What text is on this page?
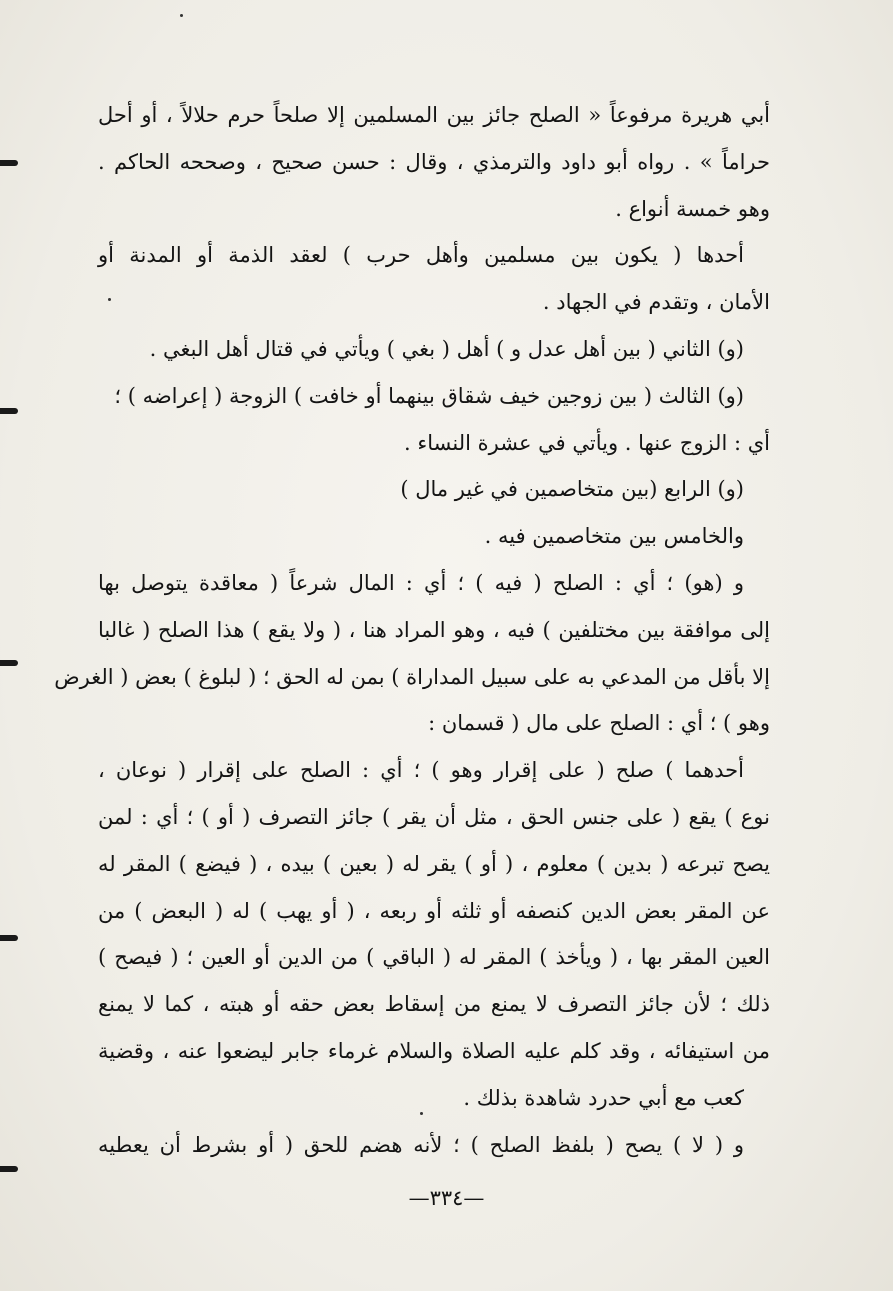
أبي هريرة مرفوعاً « الصلح جائز بين المسلمين إلا صلحاً حرم حلالاً ، أو أحل
حراماً » . رواه أبو داود والترمذي ، وقال : حسن صحيح ، وصححه الحاكم .
وهو خمسة أنواع .
أحدها ( يكون بين مسلمين وأهل حرب ) لعقد الذمة أو المدنة أو
الأمان ، وتقدم في الجهاد .
(و) الثاني ( بين أهل عدل و ) أهل ( بغي ) ويأتي في قتال أهل البغي .
(و) الثالث ( بين زوجين خيف شقاق بينهما أو خافت ) الزوجة ( إعراضه ) ؛
أي : الزوج عنها . ويأتي في عشرة النساء .
(و) الرابع (بين متخاصمين في غير مال )
والخامس بين متخاصمين فيه .
و (هو) ؛ أي : الصلح ( فيه ) ؛ أي : المال شرعاً ( معاقدة يتوصل بها
إلى موافقة بين مختلفين ) فيه ، وهو المراد هنا ، ( ولا يقع ) هذا الصلح ( غالبا
إلا بأقل من المدعي به على سبيل المداراة ) بمن له الحق ؛ ( لبلوغ ) بعض ( الغرض
وهو ) ؛ أي : الصلح على مال ( قسمان :
أحدهما ) صلح ( على إقرار وهو ) ؛ أي : الصلح على إقرار ( نوعان ،
نوع ) يقع ( على جنس الحق ، مثل أن يقر ) جائز التصرف ( أو ) ؛ أي : لمن
يصح تبرعه ( بدين ) معلوم ، ( أو ) يقر له ( بعين ) بيده ، ( فيضع ) المقر له
عن المقر بعض الدين كنصفه أو ثلثه أو ربعه ، ( أو يهب ) له ( البعض ) من
العين المقر بها ، ( ويأخذ ) المقر له ( الباقي ) من الدين أو العين ؛ ( فيصح )
ذلك ؛ لأن جائز التصرف لا يمنع من إسقاط بعض حقه أو هبته ، كما لا يمنع
من استيفائه ، وقد كلم عليه الصلاة والسلام غرماء جابر ليضعوا عنه ، وقضية
كعب مع أبي حدرد شاهدة بذلك .
و ( لا ) يصح ( بلفظ الصلح ) ؛ لأنه هضم للحق ( أو بشرط أن يعطيه
—٣٣٤—
